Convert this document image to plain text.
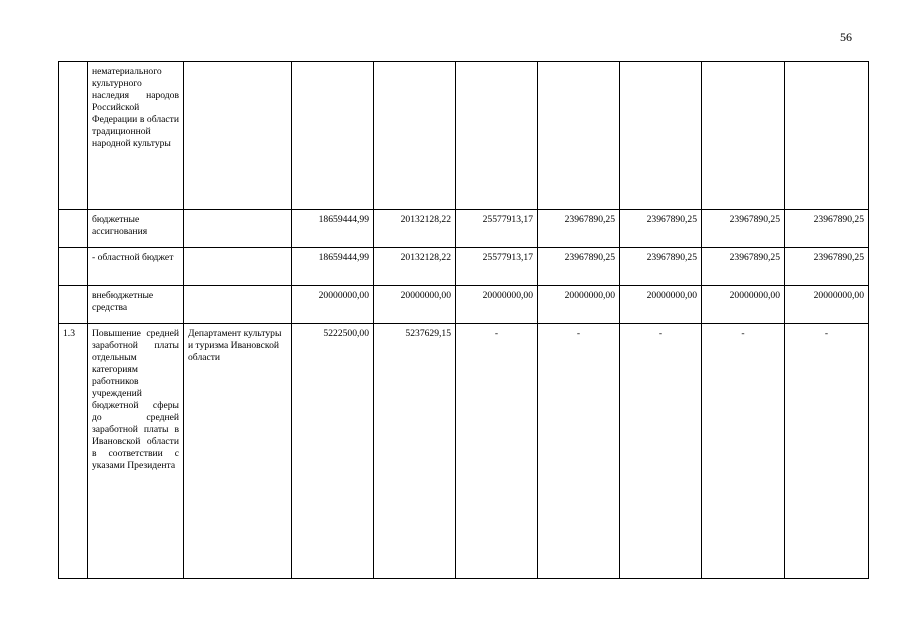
56
	нематериального культурного наследия народов Российской Федерации в области традиционной народной культуры								
	бюджетные ассигнования		18659444,99	20132128,22	25577913,17	23967890,25	23967890,25	23967890,25	23967890,25
	- областной бюджет		18659444,99	20132128,22	25577913,17	23967890,25	23967890,25	23967890,25	23967890,25
	внебюджетные средства		20000000,00	20000000,00	20000000,00	20000000,00	20000000,00	20000000,00	20000000,00
1.3	Повышение средней заработной платы отдельным категориям работников учреждений бюджетной сферы до средней заработной платы в Ивановской области в соответствии с указами Президента	Департамент культуры и туризма Ивановской области	5222500,00	5237629,15	-	-	-	-	-
